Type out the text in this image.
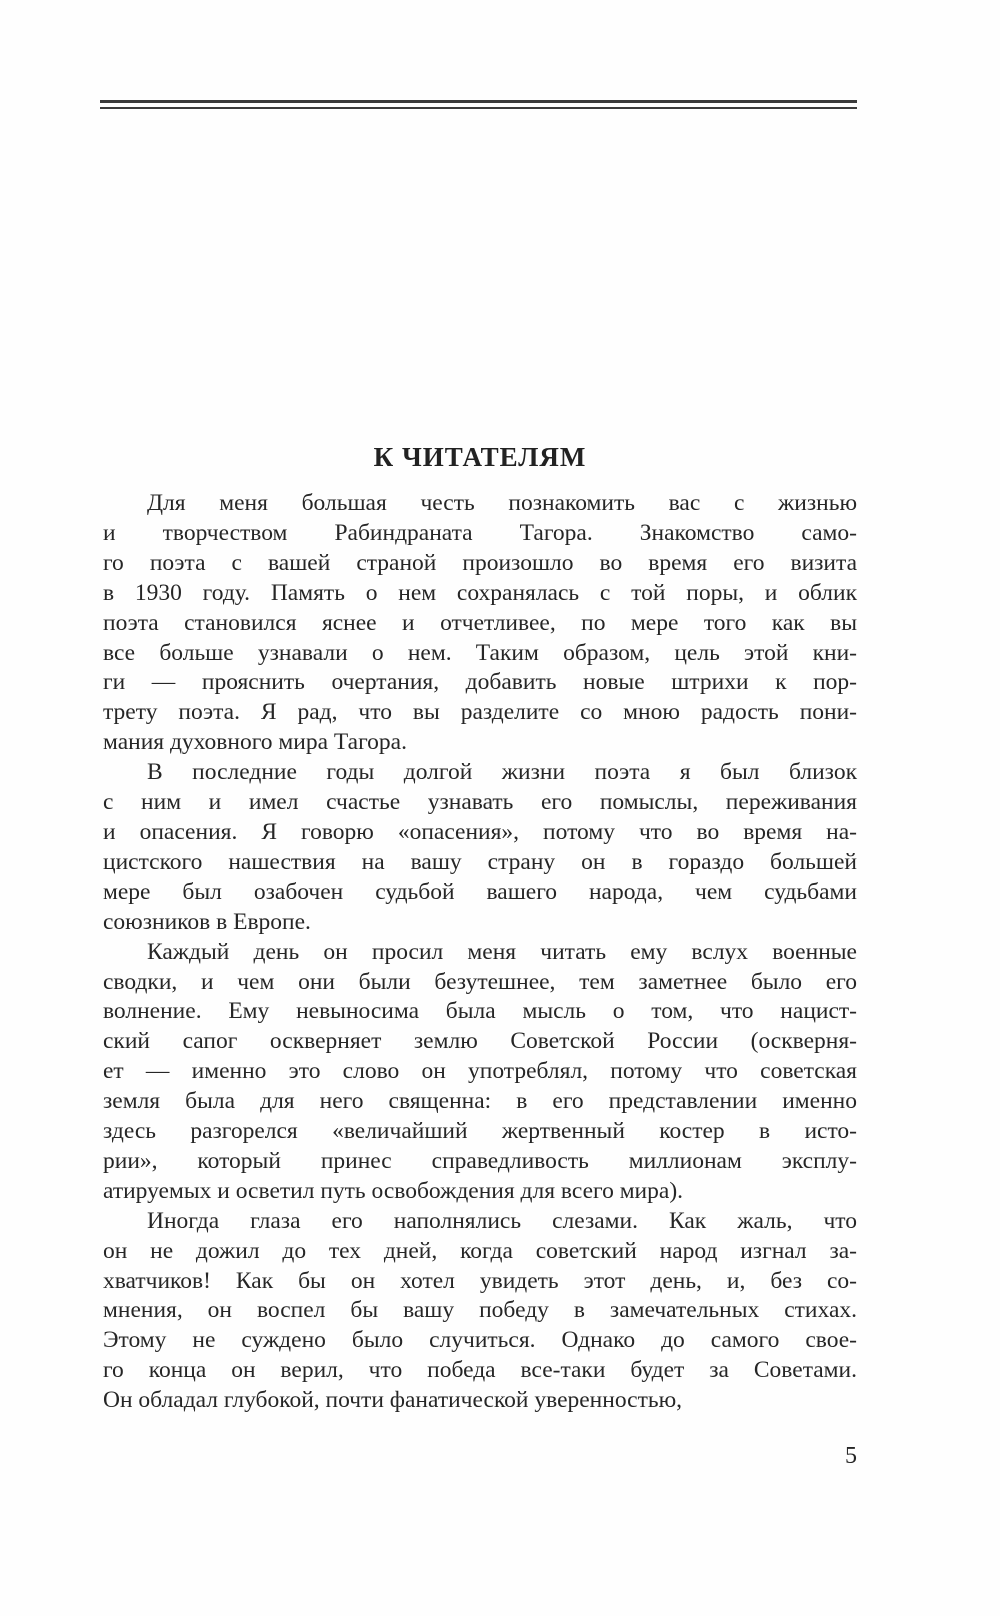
К ЧИТАТЕЛЯМ
Для меня большая честь познакомить вас с жизнью
и творчеством Рабиндраната Тагора. Знакомство само-
го поэта с вашей страной произошло во время его визита
в 1930 году. Память о нем сохранялась с той поры, и облик
поэта становился яснее и отчетливее, по мере того как вы
все больше узнавали о нем. Таким образом, цель этой кни-
ги — прояснить очертания, добавить новые штрихи к пор-
трету поэта. Я рад, что вы разделите со мною радость пони-
мания духовного мира Тагора.
В последние годы долгой жизни поэта я был близок
с ним и имел счастье узнавать его помыслы, переживания
и опасения. Я говорю «опасения», потому что во время на-
цистского нашествия на вашу страну он в гораздо большей
мере был озабочен судьбой вашего народа, чем судьбами
союзников в Европе.
Каждый день он просил меня читать ему вслух военные
сводки, и чем они были безутешнее, тем заметнее было его
волнение. Ему невыносима была мысль о том, что нацист-
ский сапог оскверняет землю Советской России (оскверня-
ет — именно это слово он употреблял, потому что советская
земля была для него священна: в его представлении именно
здесь разгорелся «величайший жертвенный костер в исто-
рии», который принес справедливость миллионам эксплу-
атируемых и осветил путь освобождения для всего мира).
Иногда глаза его наполнялись слезами. Как жаль, что
он не дожил до тех дней, когда советский народ изгнал за-
хватчиков! Как бы он хотел увидеть этот день, и, без со-
мнения, он воспел бы вашу победу в замечательных стихах.
Этому не суждено было случиться. Однако до самого свое-
го конца он верил, что победа все-таки будет за Советами.
Он обладал глубокой, почти фанатической уверенностью,
5
